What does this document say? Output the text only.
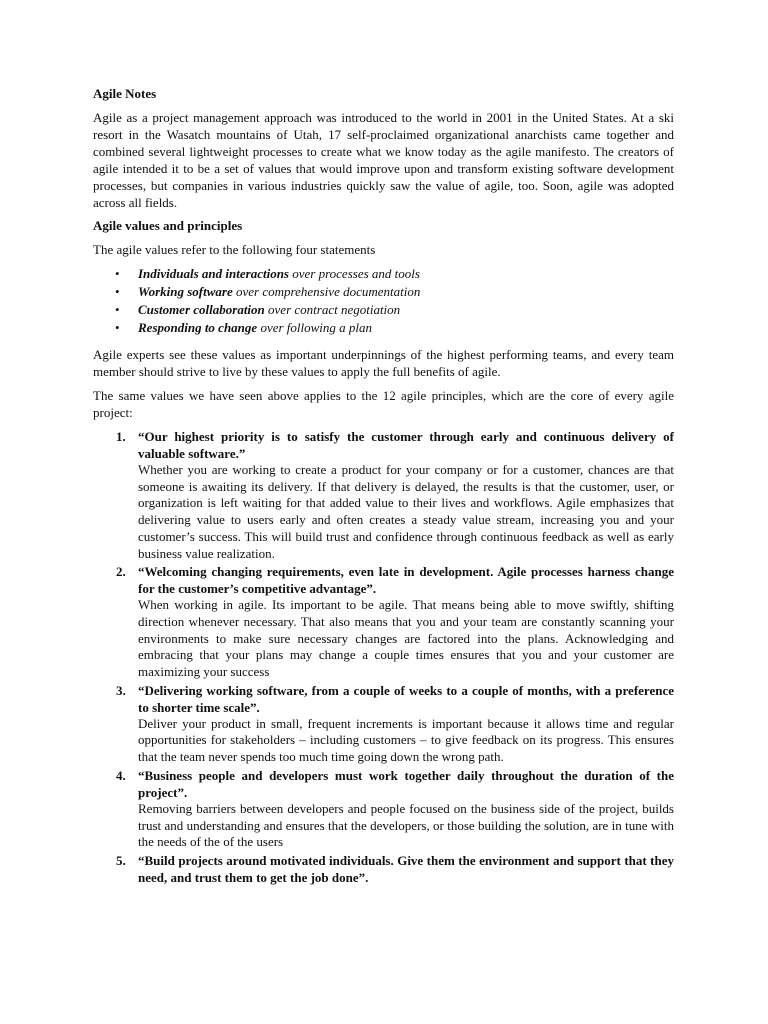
Agile Notes

Agile as a project management approach was introduced to the world in 2001 in the United States. At a ski resort in the Wasatch mountains of Utah, 17 self-proclaimed organizational anarchists came together and combined several lightweight processes to create what we know today as the agile manifesto. The creators of agile intended it to be a set of values that would improve upon and transform existing software development processes, but companies in various industries quickly saw the value of agile, too. Soon, agile was adopted across all fields.

Agile values and principles

The agile values refer to the following four statements

• Individuals and interactions over processes and tools
• Working software over comprehensive documentation
• Customer collaboration over contract negotiation
• Responding to change over following a plan

Agile experts see these values as important underpinnings of the highest performing teams, and every team member should strive to live by these values to apply the full benefits of agile.

The same values we have seen above applies to the 12 agile principles, which are the core of every agile project:

1. “Our highest priority is to satisfy the customer through early and continuous delivery of valuable software.”
Whether you are working to create a product for your company or for a customer, chances are that someone is awaiting its delivery. If that delivery is delayed, the results is that the customer, user, or organization is left waiting for that added value to their lives and workflows. Agile emphasizes that delivering value to users early and often creates a steady value stream, increasing you and your customer’s success. This will build trust and confidence through continuous feedback as well as early business value realization.
2. “Welcoming changing requirements, even late in development. Agile processes harness change for the customer’s competitive advantage”.
When working in agile. Its important to be agile. That means being able to move swiftly, shifting direction whenever necessary. That also means that you and your team are constantly scanning your environments to make sure necessary changes are factored into the plans. Acknowledging and embracing that your plans may change a couple times ensures that you and your customer are maximizing your success
3. “Delivering working software, from a couple of weeks to a couple of months, with a preference to shorter time scale”.
Deliver your product in small, frequent increments is important because it allows time and regular opportunities for stakeholders – including customers – to give feedback on its progress. This ensures that the team never spends too much time going down the wrong path.
4. “Business people and developers must work together daily throughout the duration of the project”.
Removing barriers between developers and people focused on the business side of the project, builds trust and understanding and ensures that the developers, or those building the solution, are in tune with the needs of the of the users
5. “Build projects around motivated individuals. Give them the environment and support that they need, and trust them to get the job done”.
